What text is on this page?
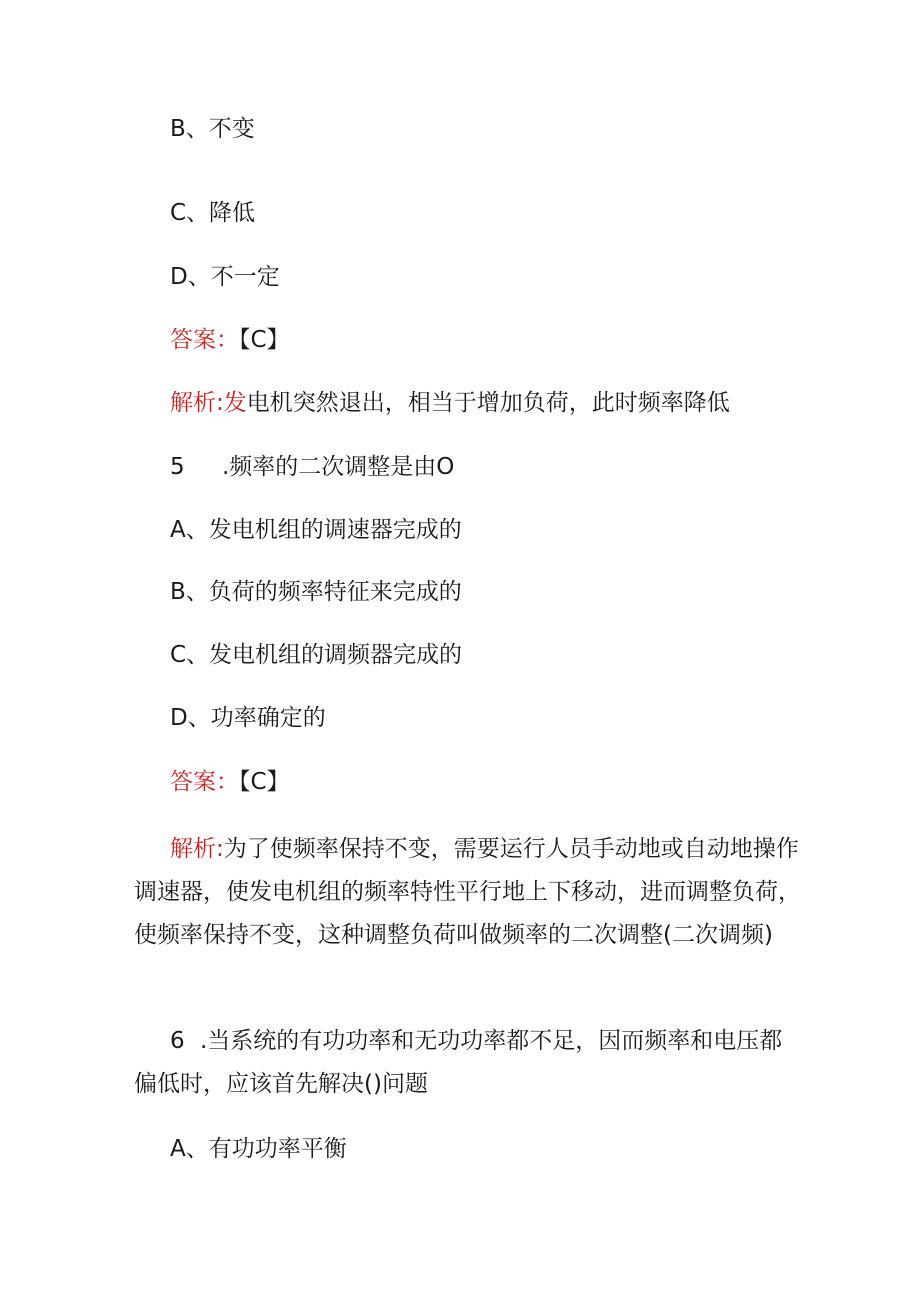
B、不变
C、降低
D、不一定
答案：【C】
解析:发电机突然退出，相当于增加负荷，此时频率降低
5 .频率的二次调整是由O
A、发电机组的调速器完成的
B、负荷的频率特征来完成的
C、发电机组的调频器完成的
D、功率确定的
答案：【C】
解析:为了使频率保持不变，需要运行人员手动地或自动地操作调速器，使发电机组的频率特性平行地上下移动，进而调整负荷，使频率保持不变，这种调整负荷叫做频率的二次调整(二次调频)
6 .当系统的有功功率和无功功率都不足，因而频率和电压都偏低时，应该首先解决()问题
A、有功功率平衡
